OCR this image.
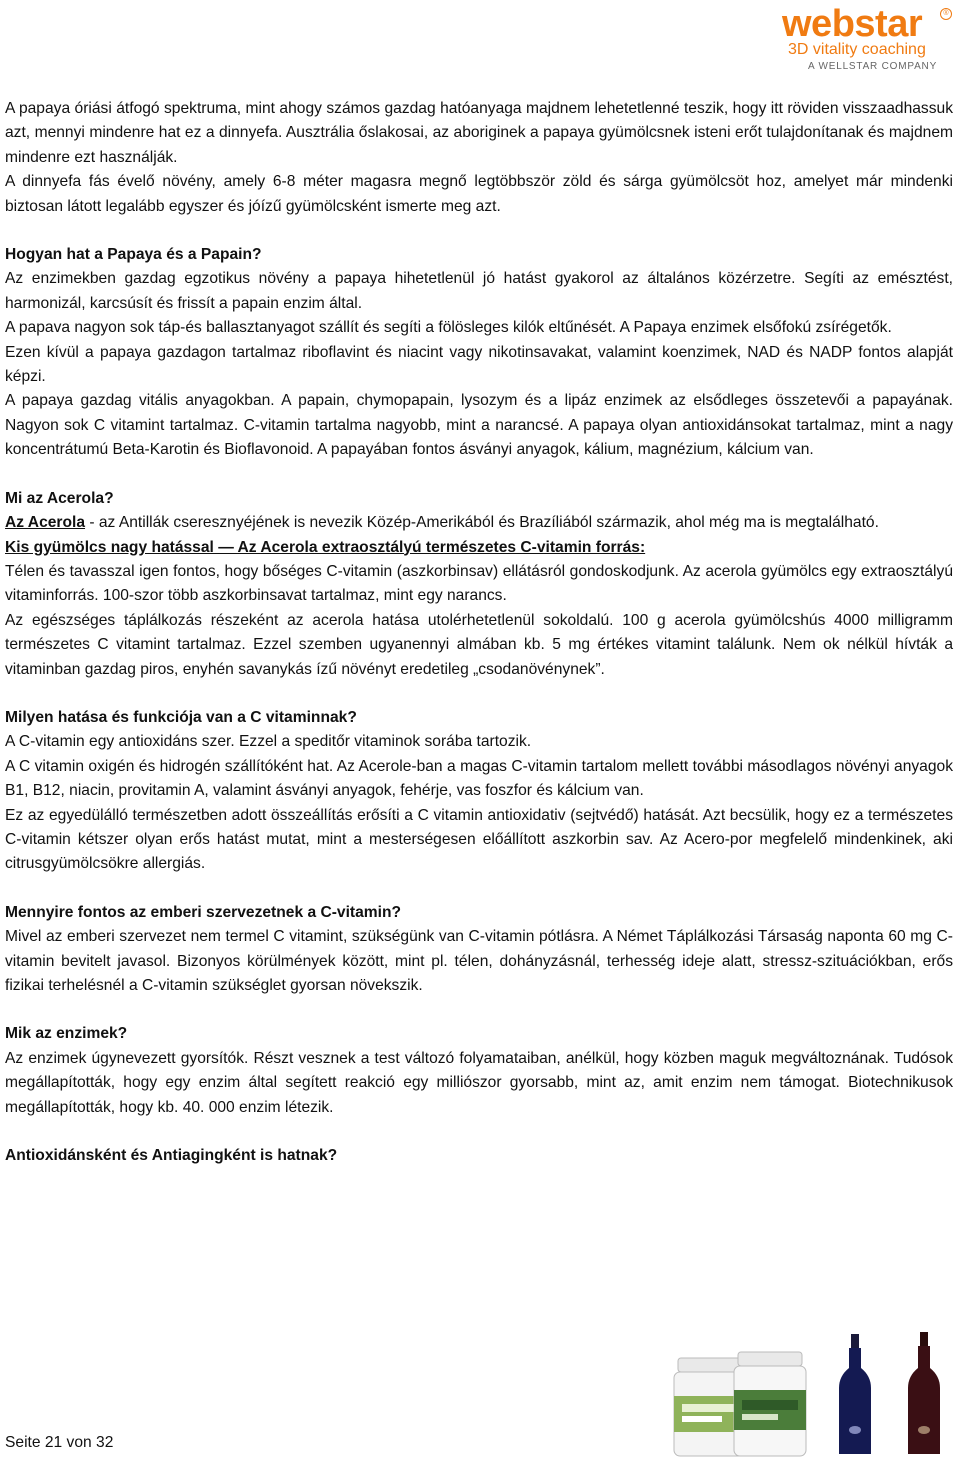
webstar	®
3D vitality coaching
A WELLSTAR COMPANY

A papaya óriási átfogó spektruma, mint ahogy számos gazdag hatóanyaga majdnem lehetetlenné teszik, hogy itt röviden visszaadhassuk azt, mennyi mindenre hat ez a dinnyefa. Ausztrália őslakosai, az aboriginek a papaya gyümölcsnek isteni erőt tulajdonítanak és majdnem mindenre ezt használják.

A dinnyefa fás évelő növény, amely 6-8 méter magasra megnő legtöbbször zöld és sárga gyümölcsöt hoz, amelyet már mindenki biztosan látott legalább egyszer és jóízű gyümölcsként ismerte meg azt.

Hogyan hat a Papaya és a Papain?

Az enzimekben gazdag egzotikus növény a papaya hihetetlenül jó hatást gyakorol az általános közérzetre. Segíti az emésztést, harmonizál, karcsúsít és frissít a papain enzim által.

A papava nagyon sok táp-és ballasztanyagot szállít és segíti a fölösleges kilók eltűnését. A Papaya enzimek elsőfokú zsírégetők.

Ezen kívül a papaya gazdagon tartalmaz riboflavint és niacint vagy nikotinsavakat, valamint koenzimek, NAD és NADP fontos alapját képzi.

A papaya gazdag vitális anyagokban. A papain, chymopapain, lysozym és a lipáz enzimek az elsődleges összetevői a papayának. Nagyon sok C vitamint tartalmaz. C-vitamin tartalma nagyobb, mint a narancsé. A papaya olyan antioxidánsokat tartalmaz, mint a nagy koncentrátumú Beta-Karotin és Bioflavonoid. A papayában fontos ásványi anyagok, kálium, magnézium, kálcium van.

Mi az Acerola?

Az Acerola - az Antillák cseresznyéjének is nevezik Közép-Amerikából és Brazíliából származik, ahol még ma is megtalálható.

Kis gyümölcs nagy hatással — Az Acerola extraosztályú természetes C-vitamin forrás:

Télen és tavasszal igen fontos, hogy bőséges C-vitamin (aszkorbinsav) ellátásról gondoskodjunk. Az acerola gyümölcs egy extraosztályú vitaminforrás. 100-szor több aszkorbinsavat tartalmaz, mint egy narancs.

Az egészséges táplálkozás részeként az acerola hatása utolérhetetlenül sokoldalú. 100 g acerola gyümölcshús 4000 milligramm természetes C vitamint tartalmaz. Ezzel szemben ugyanennyi almában kb. 5 mg értékes vitamint találunk. Nem ok nélkül hívták a vitaminban gazdag piros, enyhén savanykás ízű növényt eredetileg „csodanövénynek”.

Milyen hatása és funkciója van a C vitaminnak?

A C-vitamin egy antioxidáns szer. Ezzel a speditőr vitaminok sorába tartozik.

A C vitamin oxigén és hidrogén szállítóként hat. Az Acerole-ban a magas C-vitamin tartalom mellett további másodlagos növényi anyagok B1, B12, niacin, provitamin A, valamint ásványi anyagok, fehérje, vas foszfor és kálcium van.

Ez az egyedülálló természetben adott összeállítás erősíti a C vitamin antioxidativ (sejtvédő) hatását. Azt becsülik, hogy ez a természetes C-vitamin kétszer olyan erős hatást mutat, mint a mesterségesen előállított aszkorbin sav. Az Acero-por megfelelő mindenkinek, aki citrusgyümölcsökre allergiás.

Mennyire fontos az emberi szervezetnek a C-vitamin?

Mivel az emberi szervezet nem termel C vitamint, szükségünk van C-vitamin pótlásra. A Német Táplálkozási Társaság naponta 60 mg C-vitamin bevitelt javasol. Bizonyos körülmények között, mint pl. télen, dohányzásnál, terhesség ideje alatt, stressz-szituációkban, erős fizikai terhelésnél a C-vitamin szükséglet gyorsan növekszik.

Mik az enzimek?

Az enzimek úgynevezett gyorsítók. Részt vesznek a test változó folyamataiban, anélkül, hogy közben maguk megváltoznának. Tudósok megállapították, hogy egy enzim által segített reakció egy milliószor gyorsabb, mint az, amit enzim nem támogat. Biotechnikusok megállapították, hogy kb. 40. 000 enzim létezik.

Antioxidánsként és Antiagingként is hatnak?
Seite 21 von 32
